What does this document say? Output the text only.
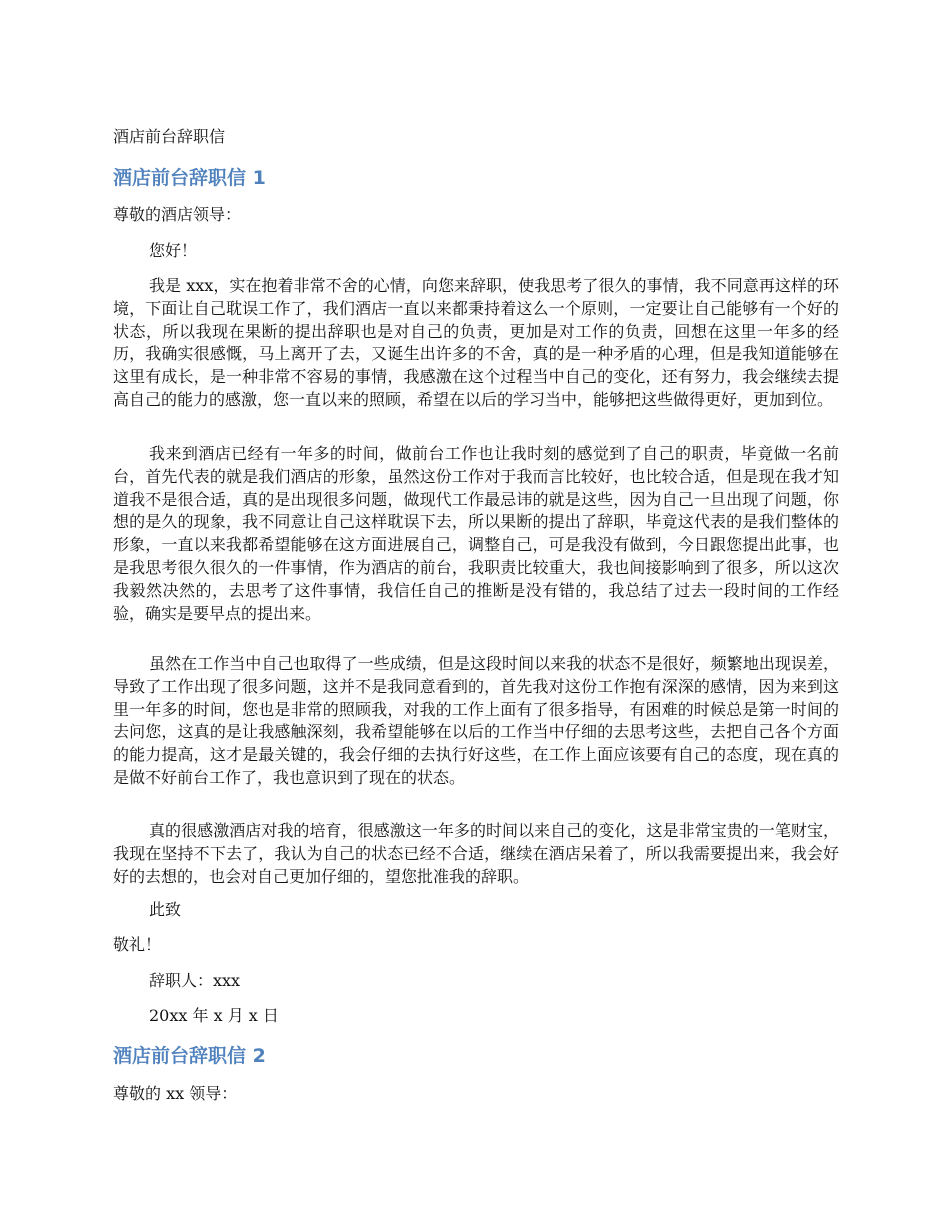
酒店前台辞职信
酒店前台辞职信 1
尊敬的酒店领导：
您好！
我是 xxx，实在抱着非常不舍的心情，向您来辞职，使我思考了很久的事情，我不同意再这样的环境，下面让自己耽误工作了，我们酒店一直以来都秉持着这么一个原则，一定要让自己能够有一个好的状态，所以我现在果断的提出辞职也是对自己的负责，更加是对工作的负责，回想在这里一年多的经历，我确实很感慨，马上离开了去，又诞生出许多的不舍，真的是一种矛盾的心理，但是我知道能够在这里有成长，是一种非常不容易的事情，我感激在这个过程当中自己的变化，还有努力，我会继续去提高自己的能力的感激，您一直以来的照顾，希望在以后的学习当中，能够把这些做得更好，更加到位。
我来到酒店已经有一年多的时间，做前台工作也让我时刻的感觉到了自己的职责，毕竟做一名前台，首先代表的就是我们酒店的形象，虽然这份工作对于我而言比较好，也比较合适，但是现在我才知道我不是很合适，真的是出现很多问题，做现代工作最忌讳的就是这些，因为自己一旦出现了问题，你想的是久的现象，我不同意让自己这样耽误下去，所以果断的提出了辞职，毕竟这代表的是我们整体的形象，一直以来我都希望能够在这方面进展自己，调整自己，可是我没有做到，今日跟您提出此事，也是我思考很久很久的一件事情，作为酒店的前台，我职责比较重大，我也间接影响到了很多，所以这次我毅然决然的，去思考了这件事情，我信任自己的推断是没有错的，我总结了过去一段时间的工作经验，确实是要早点的提出来。
虽然在工作当中自己也取得了一些成绩，但是这段时间以来我的状态不是很好，频繁地出现误差，导致了工作出现了很多问题，这并不是我同意看到的，首先我对这份工作抱有深深的感情，因为来到这里一年多的时间，您也是非常的照顾我，对我的工作上面有了很多指导，有困难的时候总是第一时间的去问您，这真的是让我感触深刻，我希望能够在以后的工作当中仔细的去思考这些，去把自己各个方面的能力提高，这才是最关键的，我会仔细的去执行好这些，在工作上面应该要有自己的态度，现在真的是做不好前台工作了，我也意识到了现在的状态。
真的很感激酒店对我的培育，很感激这一年多的时间以来自己的变化，这是非常宝贵的一笔财宝，我现在坚持不下去了，我认为自己的状态已经不合适，继续在酒店呆着了，所以我需要提出来，我会好好的去想的，也会对自己更加仔细的，望您批准我的辞职。
此致
敬礼！
辞职人：xxx
20xx 年 x 月 x 日
酒店前台辞职信 2
尊敬的 xx 领导：
